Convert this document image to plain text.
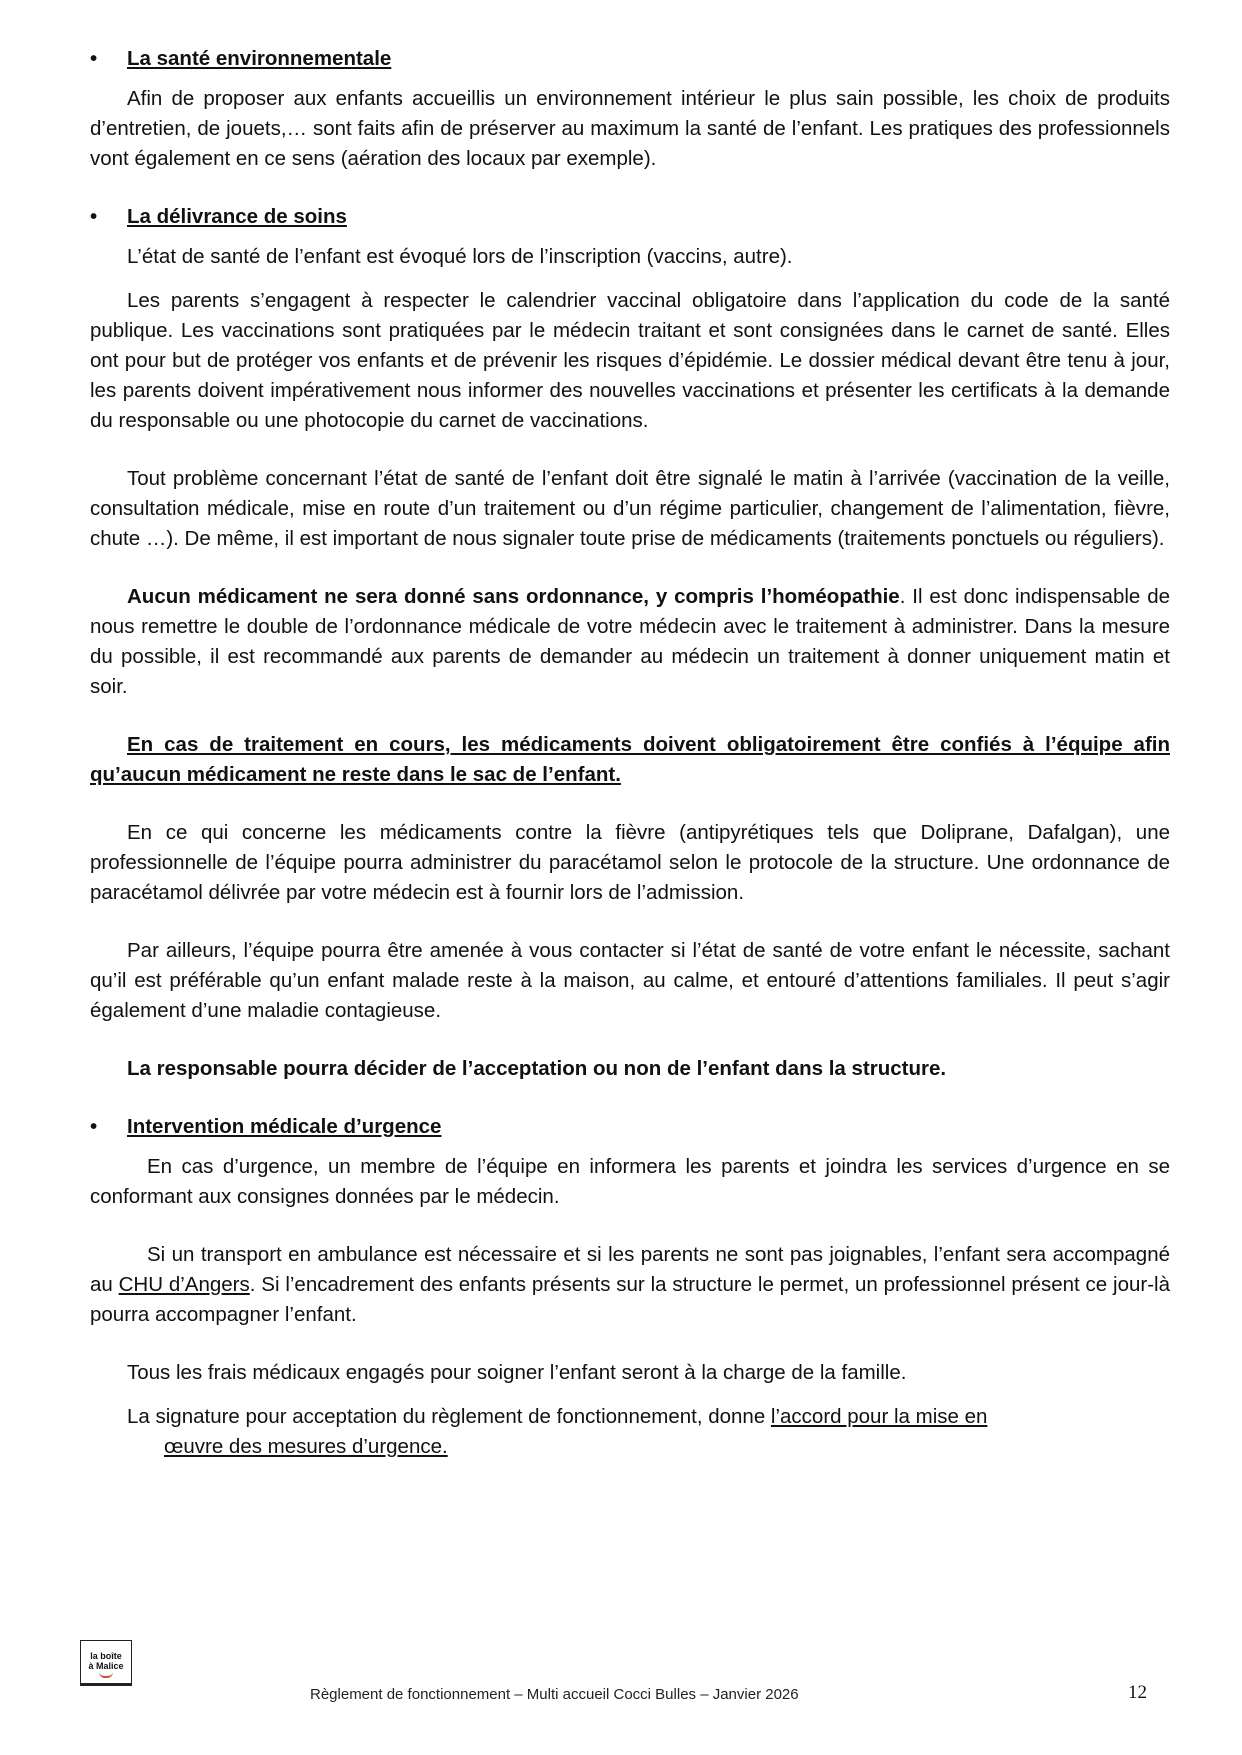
• La santé environnementale

Afin de proposer aux enfants accueillis un environnement intérieur le plus sain possible, les choix de produits d’entretien, de jouets,… sont faits afin de préserver au maximum la santé de l’enfant. Les pratiques des professionnels vont également en ce sens (aération des locaux par exemple).

• La délivrance de soins

L’état de santé de l’enfant est évoqué lors de l’inscription (vaccins, autre).

Les parents s’engagent à respecter le calendrier vaccinal obligatoire dans l’application du code de la santé publique. Les vaccinations sont pratiquées par le médecin traitant et sont consignées dans le carnet de santé. Elles ont pour but de protéger vos enfants et de prévenir les risques d’épidémie. Le dossier médical devant être tenu à jour, les parents doivent impérativement nous informer des nouvelles vaccinations et présenter les certificats à la demande du responsable ou une photocopie du carnet de vaccinations.

Tout problème concernant l’état de santé de l’enfant doit être signalé le matin à l’arrivée (vaccination de la veille, consultation médicale, mise en route d’un traitement ou d’un régime particulier, changement de l’alimentation, fièvre, chute …). De même, il est important de nous signaler toute prise de médicaments (traitements ponctuels ou réguliers).

Aucun médicament ne sera donné sans ordonnance, y compris l’homéopathie. Il est donc indispensable de nous remettre le double de l’ordonnance médicale de votre médecin avec le traitement à administrer. Dans la mesure du possible, il est recommandé aux parents de demander au médecin un traitement à donner uniquement matin et soir.

En cas de traitement en cours, les médicaments doivent obligatoirement être confiés à l’équipe afin qu’aucun médicament ne reste dans le sac de l’enfant.

En ce qui concerne les médicaments contre la fièvre (antipyrétiques tels que Doliprane, Dafalgan), une professionnelle de l’équipe pourra administrer du paracétamol selon le protocole de la structure. Une ordonnance de paracétamol délivrée par votre médecin est à fournir lors de l’admission.

Par ailleurs, l’équipe pourra être amenée à vous contacter si l’état de santé de votre enfant le nécessite, sachant qu’il est préférable qu’un enfant malade reste à la maison, au calme, et entouré d’attentions familiales. Il peut s’agir également d’une maladie contagieuse.

La responsable pourra décider de l’acceptation ou non de l’enfant dans la structure.

• Intervention médicale d’urgence

En cas d’urgence, un membre de l’équipe en informera les parents et joindra les services d’urgence en se conformant aux consignes données par le médecin.

Si un transport en ambulance est nécessaire et si les parents ne sont pas joignables, l’enfant sera accompagné au CHU d’Angers. Si l’encadrement des enfants présents sur la structure le permet, un professionnel présent ce jour-là pourra accompagner l’enfant.

Tous les frais médicaux engagés pour soigner l’enfant seront à la charge de la famille.

La signature pour acceptation du règlement de fonctionnement, donne l’accord pour la mise en
œuvre des mesures d’urgence.

la boîte
à Malice
Règlement de fonctionnement – Multi accueil Cocci Bulles – Janvier 2026	12
